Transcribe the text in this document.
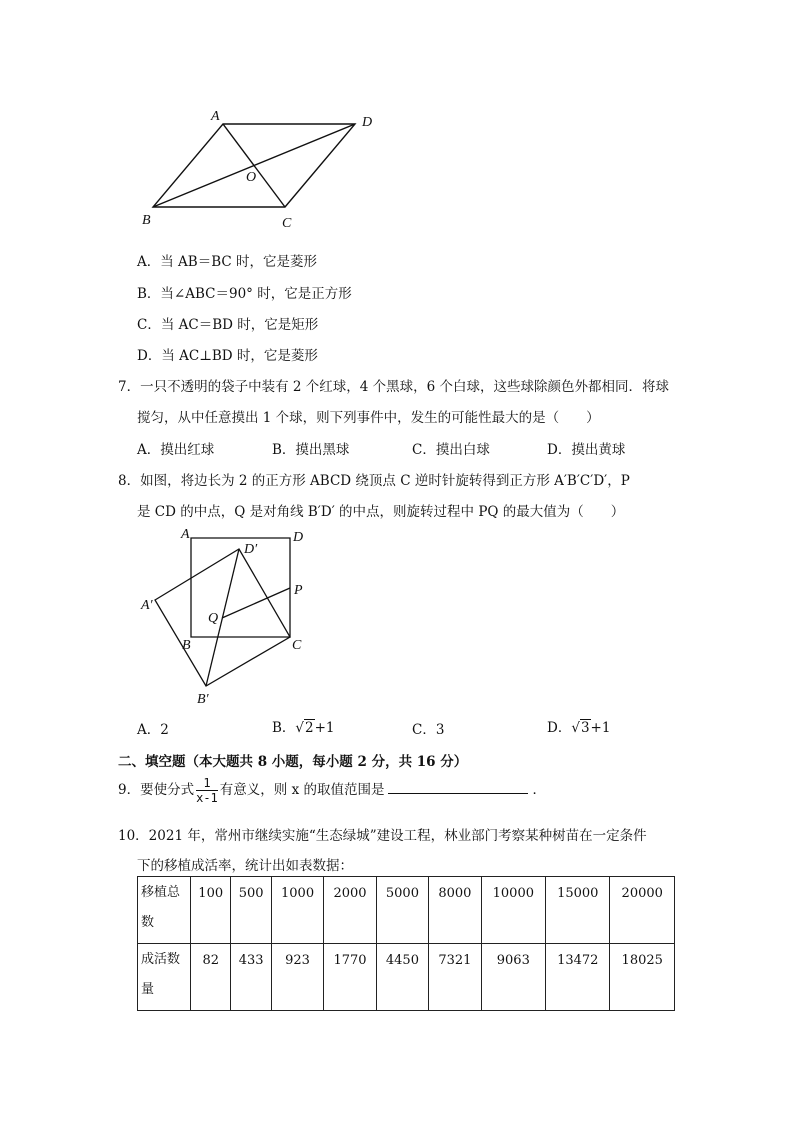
A	D
O
B	C
A．当 AB＝BC 时，它是菱形
B．当∠ABC＝90° 时，它是正方形
C．当 AC＝BD 时，它是矩形
D．当 AC⊥BD 时，它是菱形
7．一只不透明的袋子中装有 2 个红球，4 个黑球，6 个白球，这些球除颜色外都相同．将球
搅匀，从中任意摸出 1 个球，则下列事件中，发生的可能性最大的是（　　）
A．摸出红球	B．摸出黑球	C．摸出白球	D．摸出黄球
8．如图，将边长为 2 的正方形 ABCD 绕顶点 C 逆时针旋转得到正方形 A′B′C′D′，P
是 CD 的中点，Q 是对角线 B′D′ 的中点，则旋转过程中 PQ 的最大值为（　　）
A	D
D′
A′
P
Q
B	C
B′
A．2	B．√2+1	C．3	D．√3+1
二、填空题（本大题共 8 小题，每小题 2 分，共 16 分）
9．要使分式 $\frac{1}{x-1}$ 有意义，则 x 的取值范围是	．
10．2021 年，常州市继续实施“生态绿城”建设工程，林业部门考察某种树苗在一定条件
下的移植成活率，统计出如表数据：
移植总数	100	500	1000	2000	5000	8000	10000	15000	20000
成活数量	82	433	923	1770	4450	7321	9063	13472	18025
